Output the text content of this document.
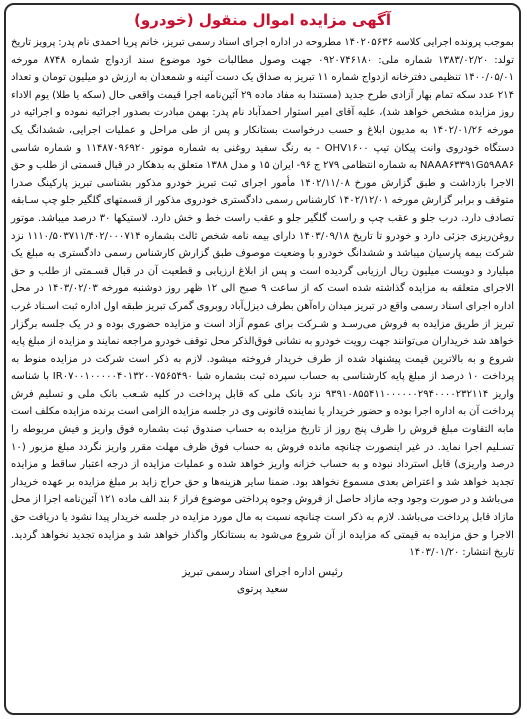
آگهی مزایده اموال منقول (خودرو)

بموجب پرونده اجرایی کلاسه ۱۴۰۲۰۵۶۳۶ مطروحه در اداره اجرای اسناد رسمی تبریز، خانم پریا احمدی نام پدر: پرویز تاریخ تولد: ۱۳۸۳/۰۲/۲۰ شماره ملی: ۰۹۲۰۷۴۶۱۸۰ جهت وصول مطالبات خود موضوع سند ازدواج شماره ۸۷۴۸ مورخه ۱۴۰۰/۰۵/۰۱ تنظیمی دفترخانه ازدواج شماره ۱۱ تبریز به صداق یک دست آئینه و شمعدان به ارزش دو میلیون تومان و تعداد ۲۱۴ عدد سکه تمام بهار آزادی طرح جدید (مستندا به مفاد ماده ۲۹ آئین‌نامه اجرا قیمت واقعی حال (سکه یا طلا) یوم الاداء روز مزایده مشخص خواهد شد)، علیه آقای امیر استوار احمدآباد نام پدر: بهمن مبادرت بصدور اجرائیه نموده و اجرائیه در مورخه ۱۴۰۲/۰۱/۲۶ به مدیون ابلاغ و حسب درخواست بستانکار و پس از طی مراحل و عملیات اجرایی، ششدانگ یک دستگاه خودروی وانت پیکان تیپ OHV۱۶۰۰ - به رنگ سفید روغنی به شماره موتور ۱۱۴۸۷۰۹۶۹۲۰ و شماره شاسی NAAA۶۳۳۹۱G۵۹AA۶ به شماره انتظامی ۲۷۹ ج ۹۶- ایران ۱۵ و مدل ۱۳۸۸ متعلق به بدهکار در قبال قسمتی از طلب و حق الاجرا بازداشت و طبق گزارش مورخ ۱۴۰۲/۱۱/۰۸ مأمور اجرای ثبت تبریز خودرو مذکور بشناسی تبریز پارکینگ صدرا متوقف و برابر گزارش مورخه ۱۴۰۲/۱۲/۰۱ کارشناس رسمی دادگستری خودروی مذکور از قسمتهای گلگیر جلو چپ سـابقه تصادف دارد. درب جلو و عقب چپ و راست گلگیر جلو و عقب راست خط و خش دارد. لاستیکها ۳۰ درصد میباشد. موتور روغن‌ریزی جزئی دارد و خودرو تا تاریخ ۱۴۰۳/۰۹/۱۸ دارای بیمه نامه شخص ثالث بشماره ۱۱۱۰/۵۰۳۷۱۱/۴۰۲/۰۰۰۷۱۴ نزد شرکت بیمه پارسیان میباشد و ششدانگ خودرو با وضعیت موصوف طبق گزارش کارشناس رسمی دادگستری به مبلغ یک میلیارد و دویست میلیون ریال ارزیابی گردیده است و پس از ابلاغ ارزیابی و قطعیت آن در قبال قسـمتی از طلب و حق الاجرای متعلقه به مزایده گذاشته شده است که از ساعت ۹ صبح الی ۱۲ ظهر روز دوشنبه مورخه ۱۴۰۳/۰۲/۰۳ در محل اداره اجرای اسناد رسمی واقع در تبریز میدان راه‌آهن بطرف دیزل‌آباد روبروی گمرک تبریز طبقه اول اداره ثبت اسـناد غرب تبریز از طریق مزایده به فروش می‌رسـد و شـرکت برای عموم آزاد است و مزایده حضوری بوده و در یک جلسه برگزار خواهد شد خریداران می‌توانند جهت رویت خودرو به نشانی فوق‌الذکر محل توقف خودرو مراجعه نمایند و مزایده از مبلغ پایه شروع و به بالاترین قیمت پیشنهاد شده از طرف خریدار فروخته میشود. لازم به ذکر است شرکت در مزایده منوط به پرداخت ۱۰ درصد از مبلغ پایه کارشناسی به حساب سپرده ثبت بشماره شبا IR۰۷۰۰۱۰۰۰۰۰۴۰۱۳۲۰۰۷۵۶۵۴۹۰ با شناسه واریز ۹۳۹۱۰۸۵۵۴۱۱۰۰۰۰۰۰۲۹۴۰۰۰۰۲۳۲۱۱۴ نزد بانک ملی که قابل پرداخت در کلیه شـعب بانک ملی و تسلیم فرش پرداخت آن به اداره اجرا بوده و حضور خریدار یا نماینده قانونی وی در جلسه مزایده الزامی است برنده مزایده مکلف است مابه التفاوت مبلغ فروش را ظرف پنج روز از تاریخ مزایده به حساب صندوق ثبت بشماره فوق واریز و فیش مربوطه را تسـلیم اجرا نماید. در غیر اینصورت چنانچه مانده فروش به حساب فوق ظرف مهلت مقرر واریز نگردد مبلغ مزبور (۱۰ درصد واریزی) قابل استرداد نبوده و به حساب خزانه واریز خواهد شده و عملیات مزایده از درجه اعتبار ساقط و مزایده تجدید خواهد شد و اعتراض بعدی مسموع نخواهد بود. ضمنا سایر هزینه‌ها و حق حراج زاید بر مبلغ مزایده بر عهده خریدار می‌باشد و در صورت وجود وجه مازاد حاصل از فروش وجوه پرداختی موضوع فراز ۶ بند الف ماده ۱۲۱ آئین‌نامه اجرا از محل مازاد قابل پرداخت می‌باشد. لازم به ذکر است چنانچه نسبت به مال مورد مزایده در جلسه خریدار پیدا نشود یا دریافت حق الاجرا و حق مزایده به قیمتی که مزایده از آن شروع می‌شود به بستانکار واگذار خواهد شد و مزایده تجدید نخواهد گردید. تاریخ انتشار: ۱۴۰۳/۰۱/۲۰

رئیس اداره اجرای اسناد رسمی تبریز
سعید پرتوی
